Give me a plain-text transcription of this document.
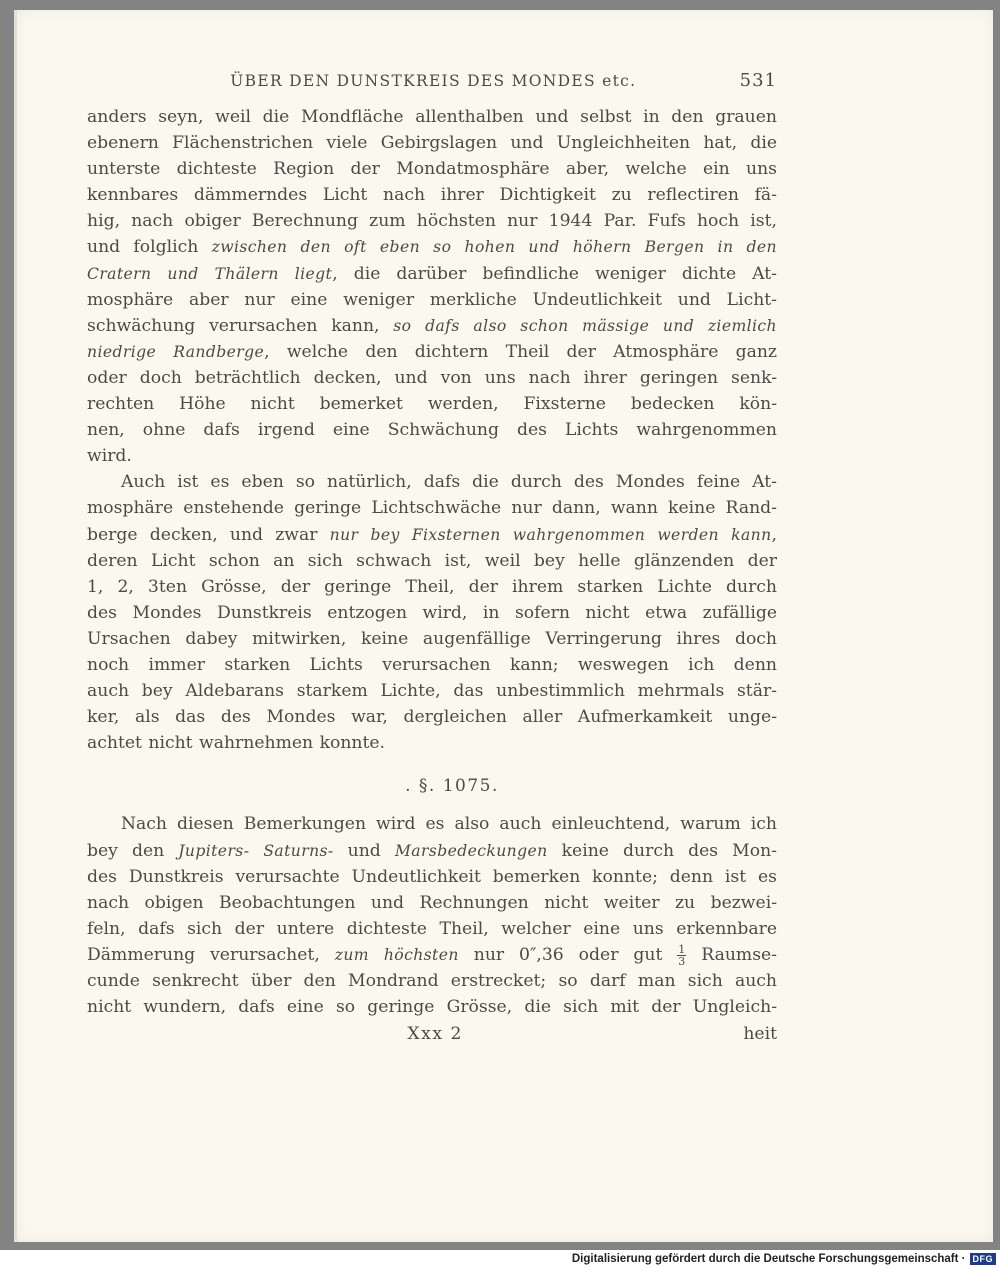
ÜBER DEN DUNSTKREIS DES MONDES etc.	531

anders seyn, weil die Mondfläche allenthalben und selbst in den grauen

ebenern Flächenstrichen viele Gebirgslagen und Ungleichheiten hat, die

unterste dichteste Region der Mondatmosphäre aber, welche ein uns

kennbares dämmerndes Licht nach ihrer Dichtigkeit zu reflectiren fä-

hig, nach obiger Berechnung zum höchsten nur 1944 Par. Fufs hoch ist,

und folglich zwischen den oft eben so hohen und höhern Bergen in den

Cratern und Thälern liegt, die darüber befindliche weniger dichte At-

mosphäre aber nur eine weniger merkliche Undeutlichkeit und Licht-

schwächung verursachen kann, so dafs also schon mässige und ziemlich

niedrige Randberge, welche den dichtern Theil der Atmosphäre ganz

oder doch beträchtlich decken, und von uns nach ihrer geringen senk-

rechten Höhe nicht bemerket werden, Fixsterne bedecken kön-

nen, ohne dafs irgend eine Schwächung des Lichts wahrgenommen

wird.

Auch ist es eben so natürlich, dafs die durch des Mondes feine At-

mosphäre enstehende geringe Lichtschwäche nur dann, wann keine Rand-

berge decken, und zwar nur bey Fixsternen wahrgenommen werden kann,

deren Licht schon an sich schwach ist, weil bey helle glänzenden der

1, 2, 3ten Grösse, der geringe Theil, der ihrem starken Lichte durch

des Mondes Dunstkreis entzogen wird, in sofern nicht etwa zufällige

Ursachen dabey mitwirken, keine augenfällige Verringerung ihres doch

noch immer starken Lichts verursachen kann; weswegen ich denn

auch bey Aldebarans starkem Lichte, das unbestimmlich mehrmals stär-

ker, als das des Mondes war, dergleichen aller Aufmerkamkeit unge-

achtet nicht wahrnehmen konnte.

. §. 1075.

Nach diesen Bemerkungen wird es also auch einleuchtend, warum ich

bey den Jupiters- Saturns- und Marsbedeckungen keine durch des Mon-

des Dunstkreis verursachte Undeutlichkeit bemerken konnte; denn ist es

nach obigen Beobachtungen und Rechnungen nicht weiter zu bezwei-

feln, dafs sich der untere dichteste Theil, welcher eine uns erkennbare

Dämmerung verursachet, zum höchsten nur 0″,36 oder gut $\frac{1}{3}$ Raumse-

cunde senkrecht über den Mondrand erstrecket; so darf man sich auch

nicht wundern, dafs eine so geringe Grösse, die sich mit der Ungleich-

Xxx 2	heit
Digitalisierung gefördert durch die Deutsche Forschungsgemeinschaft · DFG
